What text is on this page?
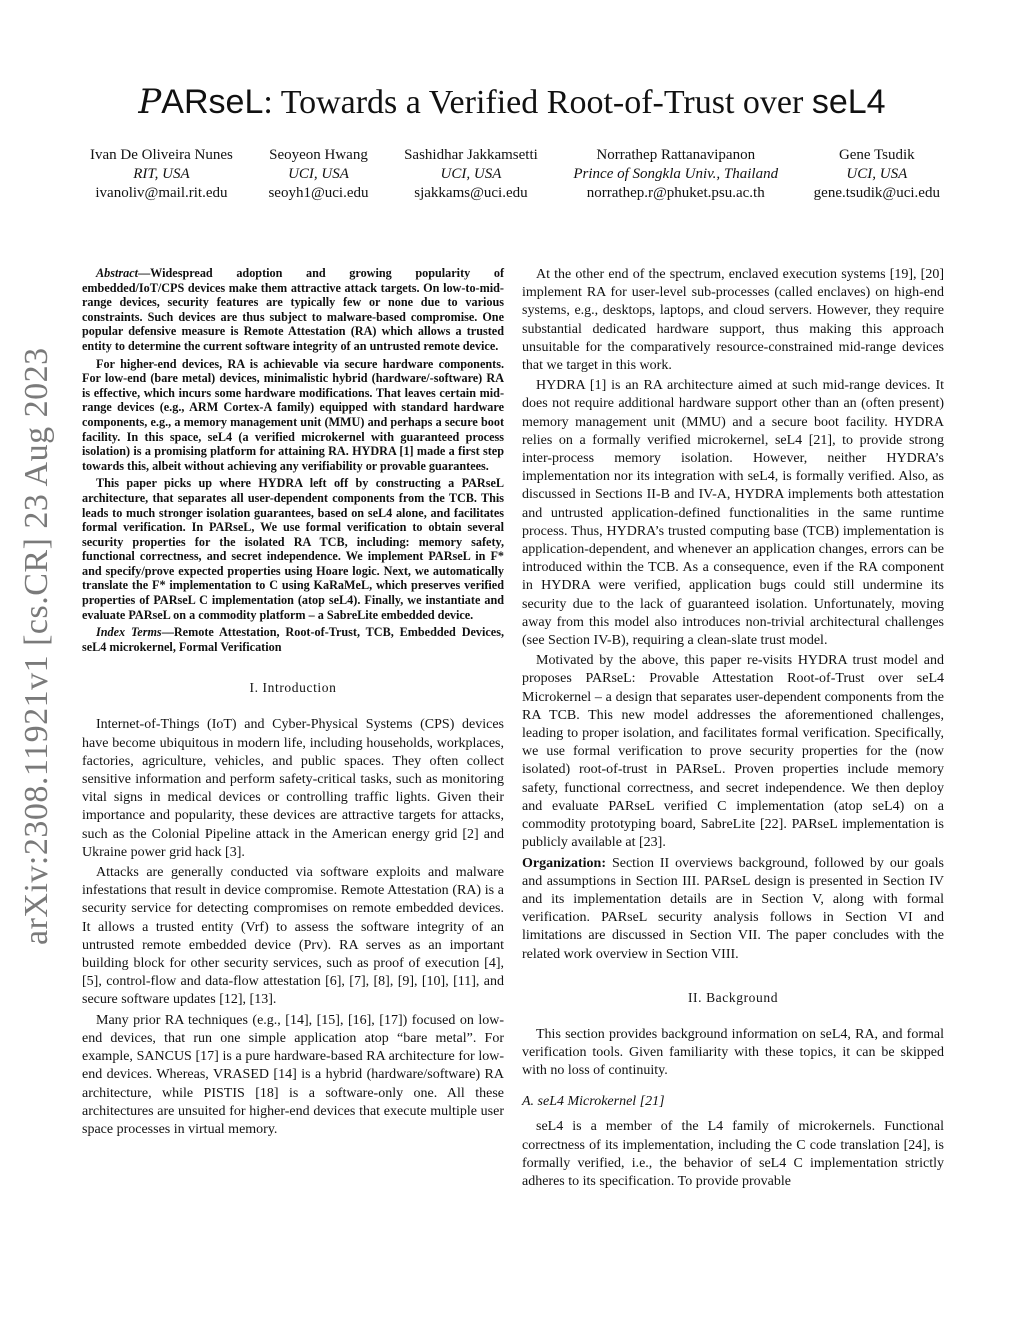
arXiv:2308.11921v1 [cs.CR] 23 Aug 2023
PARseL: Towards a Verified Root-of-Trust over seL4
Ivan De Oliveira Nunes
RIT, USA
ivanoliv@mail.rit.edu
Seoyeon Hwang
UCI, USA
seoyh1@uci.edu
Sashidhar Jakkamsetti
UCI, USA
sjakkams@uci.edu
Norrathep Rattanavipanon
Prince of Songkla Univ., Thailand
norrathep.r@phuket.psu.ac.th
Gene Tsudik
UCI, USA
gene.tsudik@uci.edu

Abstract—Widespread adoption and growing popularity of embedded/IoT/CPS devices make them attractive attack targets. On low-to-mid-range devices, security features are typically few or none due to various constraints. Such devices are thus subject to malware-based compromise. One popular defensive measure is Remote Attestation (RA) which allows a trusted entity to determine the current software integrity of an untrusted remote device.

For higher-end devices, RA is achievable via secure hardware components. For low-end (bare metal) devices, minimalistic hybrid (hardware/-software) RA is effective, which incurs some hardware modifications. That leaves certain mid-range devices (e.g., ARM Cortex-A family) equipped with standard hardware components, e.g., a memory management unit (MMU) and perhaps a secure boot facility. In this space, seL4 (a verified microkernel with guaranteed process isolation) is a promising platform for attaining RA. HYDRA [1] made a first step towards this, albeit without achieving any verifiability or provable guarantees.

This paper picks up where HYDRA left off by constructing a PARseL architecture, that separates all user-dependent components from the TCB. This leads to much stronger isolation guarantees, based on seL4 alone, and facilitates formal verification. In PARseL, We use formal verification to obtain several security properties for the isolated RA TCB, including: memory safety, functional correctness, and secret independence. We implement PARseL in F* and specify/prove expected properties using Hoare logic. Next, we automatically translate the F* implementation to C using KaRaMeL, which preserves verified properties of PARseL C implementation (atop seL4). Finally, we instantiate and evaluate PARseL on a commodity platform – a SabreLite embedded device.

Index Terms—Remote Attestation, Root-of-Trust, TCB, Embedded Devices, seL4 microkernel, Formal Verification

I. Introduction

Internet-of-Things (IoT) and Cyber-Physical Systems (CPS) devices have become ubiquitous in modern life, including households, workplaces, factories, agriculture, vehicles, and public spaces. They often collect sensitive information and perform safety-critical tasks, such as monitoring vital signs in medical devices or controlling traffic lights. Given their importance and popularity, these devices are attractive targets for attacks, such as the Colonial Pipeline attack in the American energy grid [2] and Ukraine power grid hack [3].

Attacks are generally conducted via software exploits and malware infestations that result in device compromise. Remote Attestation (RA) is a security service for detecting compromises on remote embedded devices. It allows a trusted entity (Vrf) to assess the software integrity of an untrusted remote embedded device (Prv). RA serves as an important building block for other security services, such as proof of execution [4], [5], control-flow and data-flow attestation [6], [7], [8], [9], [10], [11], and secure software updates [12], [13].

Many prior RA techniques (e.g., [14], [15], [16], [17]) focused on low-end devices, that run one simple application atop “bare metal”. For example, SANCUS [17] is a pure hardware-based RA architecture for low-end devices. Whereas, VRASED [14] is a hybrid (hardware/software) RA architecture, while PISTIS [18] is a software-only one. All these architectures are unsuited for higher-end devices that execute multiple user space processes in virtual memory.

At the other end of the spectrum, enclaved execution systems [19], [20] implement RA for user-level sub-processes (called enclaves) on high-end systems, e.g., desktops, laptops, and cloud servers. However, they require substantial dedicated hardware support, thus making this approach unsuitable for the comparatively resource-constrained mid-range devices that we target in this work.

HYDRA [1] is an RA architecture aimed at such mid-range devices. It does not require additional hardware support other than an (often present) memory management unit (MMU) and a secure boot facility. HYDRA relies on a formally verified microkernel, seL4 [21], to provide strong inter-process memory isolation. However, neither HYDRA’s implementation nor its integration with seL4, is formally verified. Also, as discussed in Sections II-B and IV-A, HYDRA implements both attestation and untrusted application-defined functionalities in the same runtime process. Thus, HYDRA’s trusted computing base (TCB) implementation is application-dependent, and whenever an application changes, errors can be introduced within the TCB. As a consequence, even if the RA component in HYDRA were verified, application bugs could still undermine its security due to the lack of guaranteed isolation. Unfortunately, moving away from this model also introduces non-trivial architectural challenges (see Section IV-B), requiring a clean-slate trust model.

Motivated by the above, this paper re-visits HYDRA trust model and proposes PARseL: Provable Attestation Root-of-Trust over seL4 Microkernel – a design that separates user-dependent components from the RA TCB. This new model addresses the aforementioned challenges, leading to proper isolation, and facilitates formal verification. Specifically, we use formal verification to prove security properties for the (now isolated) root-of-trust in PARseL. Proven properties include memory safety, functional correctness, and secret independence. We then deploy and evaluate PARseL verified C implementation (atop seL4) on a commodity prototyping board, SabreLite [22]. PARseL implementation is publicly available at [23].

Organization: Section II overviews background, followed by our goals and assumptions in Section III. PARseL design is presented in Section IV and its implementation details are in Section V, along with formal verification. PARseL security analysis follows in Section VI and limitations are discussed in Section VII. The paper concludes with the related work overview in Section VIII.

II. Background

This section provides background information on seL4, RA, and formal verification tools. Given familiarity with these topics, it can be skipped with no loss of continuity.

A. seL4 Microkernel [21]

seL4 is a member of the L4 family of microkernels. Functional correctness of its implementation, including the C code translation [24], is formally verified, i.e., the behavior of seL4 C implementation strictly adheres to its specification. To provide provable
